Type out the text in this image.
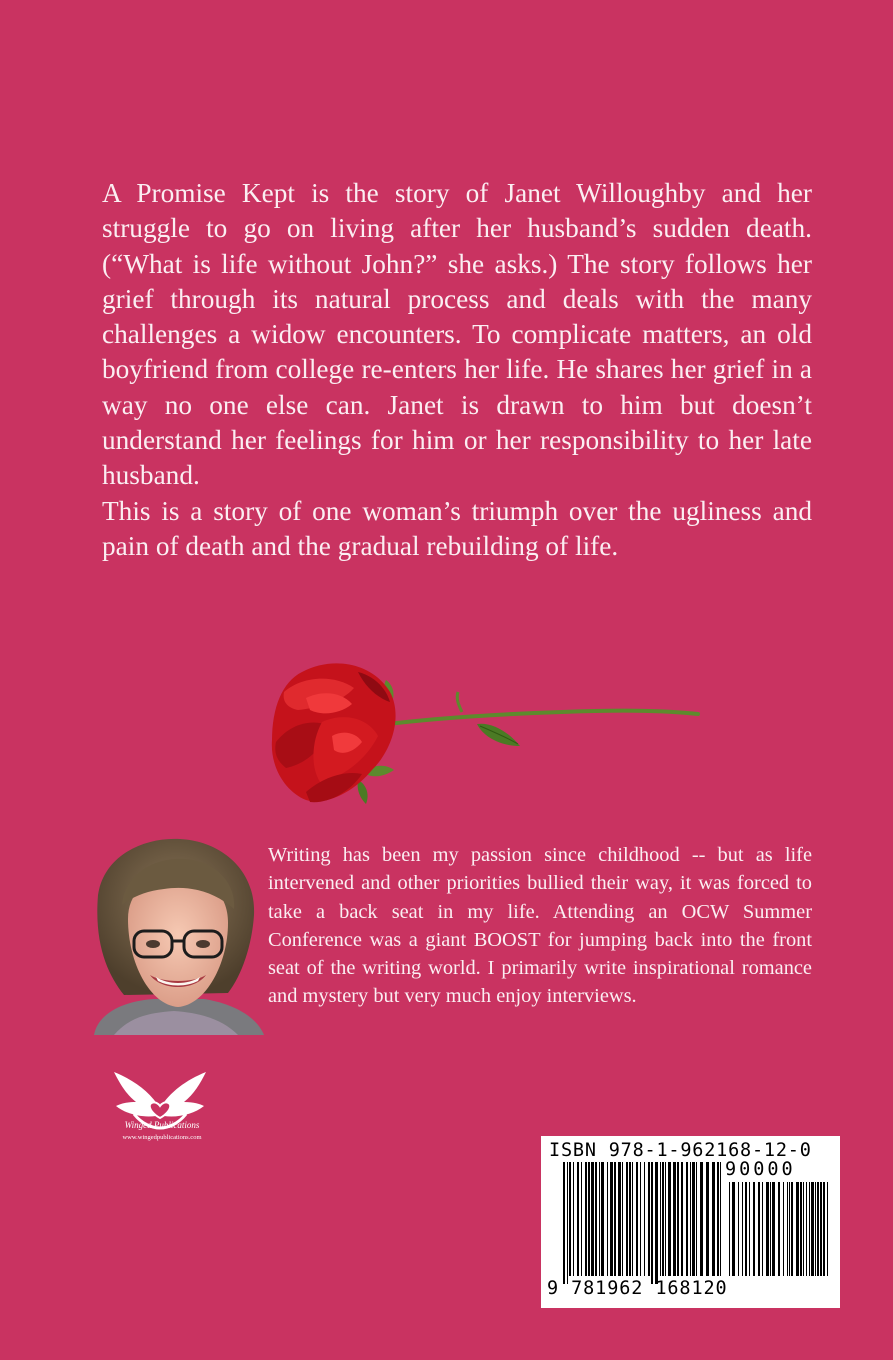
A Promise Kept is the story of Janet Willoughby and her struggle to go on living after her husband’s sudden death. (“What is life without John?” she asks.) The story follows her grief through its natural process and deals with the many challenges a widow encounters. To complicate matters, an old boyfriend from college re-enters her life. He shares her grief in a way no one else can. Janet is drawn to him but doesn’t understand her feelings for him or her responsibility to her late husband.

This is a story of one woman’s triumph over the ugliness and pain of death and the gradual rebuilding of life.

Writing has been my passion since childhood -- but as life intervened and other priorities bullied their way, it was forced to take a back seat in my life. Attending an OCW Summer Conference was a giant BOOST for jumping back into the front seat of the writing world. I primarily write inspirational romance and mystery but very much enjoy interviews.
Winged Publications
www.wingedpublications.com
ISBN 978-1-962168-12-0
90000
9 781962 168120
